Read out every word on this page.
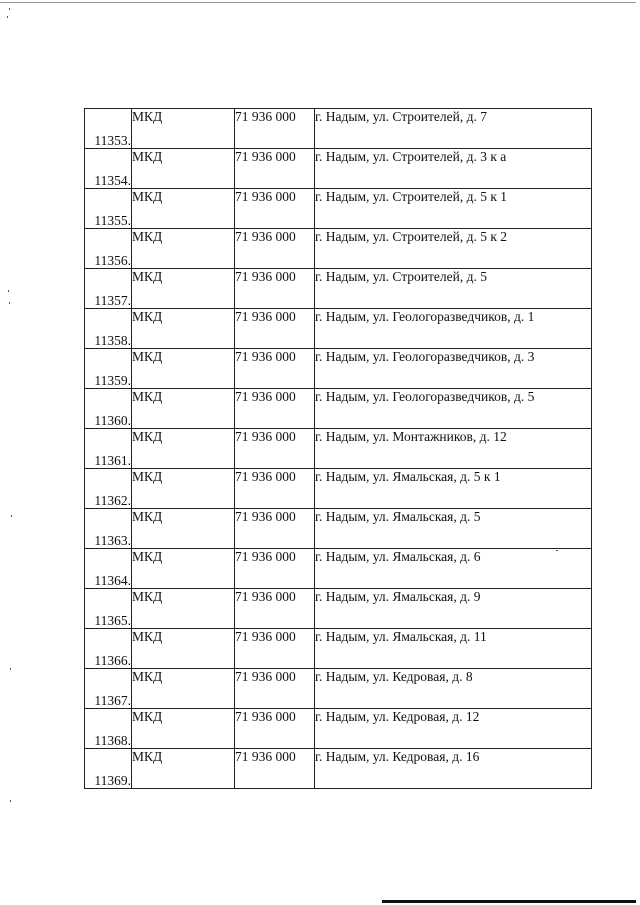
11353.	МКД	71 936 000	г. Надым, ул. Строителей, д. 7
11354.	МКД	71 936 000	г. Надым, ул. Строителей, д. 3 к а
11355.	МКД	71 936 000	г. Надым, ул. Строителей, д. 5 к 1
11356.	МКД	71 936 000	г. Надым, ул. Строителей, д. 5 к 2
11357.	МКД	71 936 000	г. Надым, ул. Строителей, д. 5
11358.	МКД	71 936 000	г. Надым, ул. Геологоразведчиков, д. 1
11359.	МКД	71 936 000	г. Надым, ул. Геологоразведчиков, д. 3
11360.	МКД	71 936 000	г. Надым, ул. Геологоразведчиков, д. 5
11361.	МКД	71 936 000	г. Надым, ул. Монтажников, д. 12
11362.	МКД	71 936 000	г. Надым, ул. Ямальская, д. 5 к 1
11363.	МКД	71 936 000	г. Надым, ул. Ямальская, д. 5
11364.	МКД	71 936 000	г. Надым, ул. Ямальская, д. 6
11365.	МКД	71 936 000	г. Надым, ул. Ямальская, д. 9
11366.	МКД	71 936 000	г. Надым, ул. Ямальская, д. 11
11367.	МКД	71 936 000	г. Надым, ул. Кедровая, д. 8
11368.	МКД	71 936 000	г. Надым, ул. Кедровая, д. 12
11369.	МКД	71 936 000	г. Надым, ул. Кедровая, д. 16
